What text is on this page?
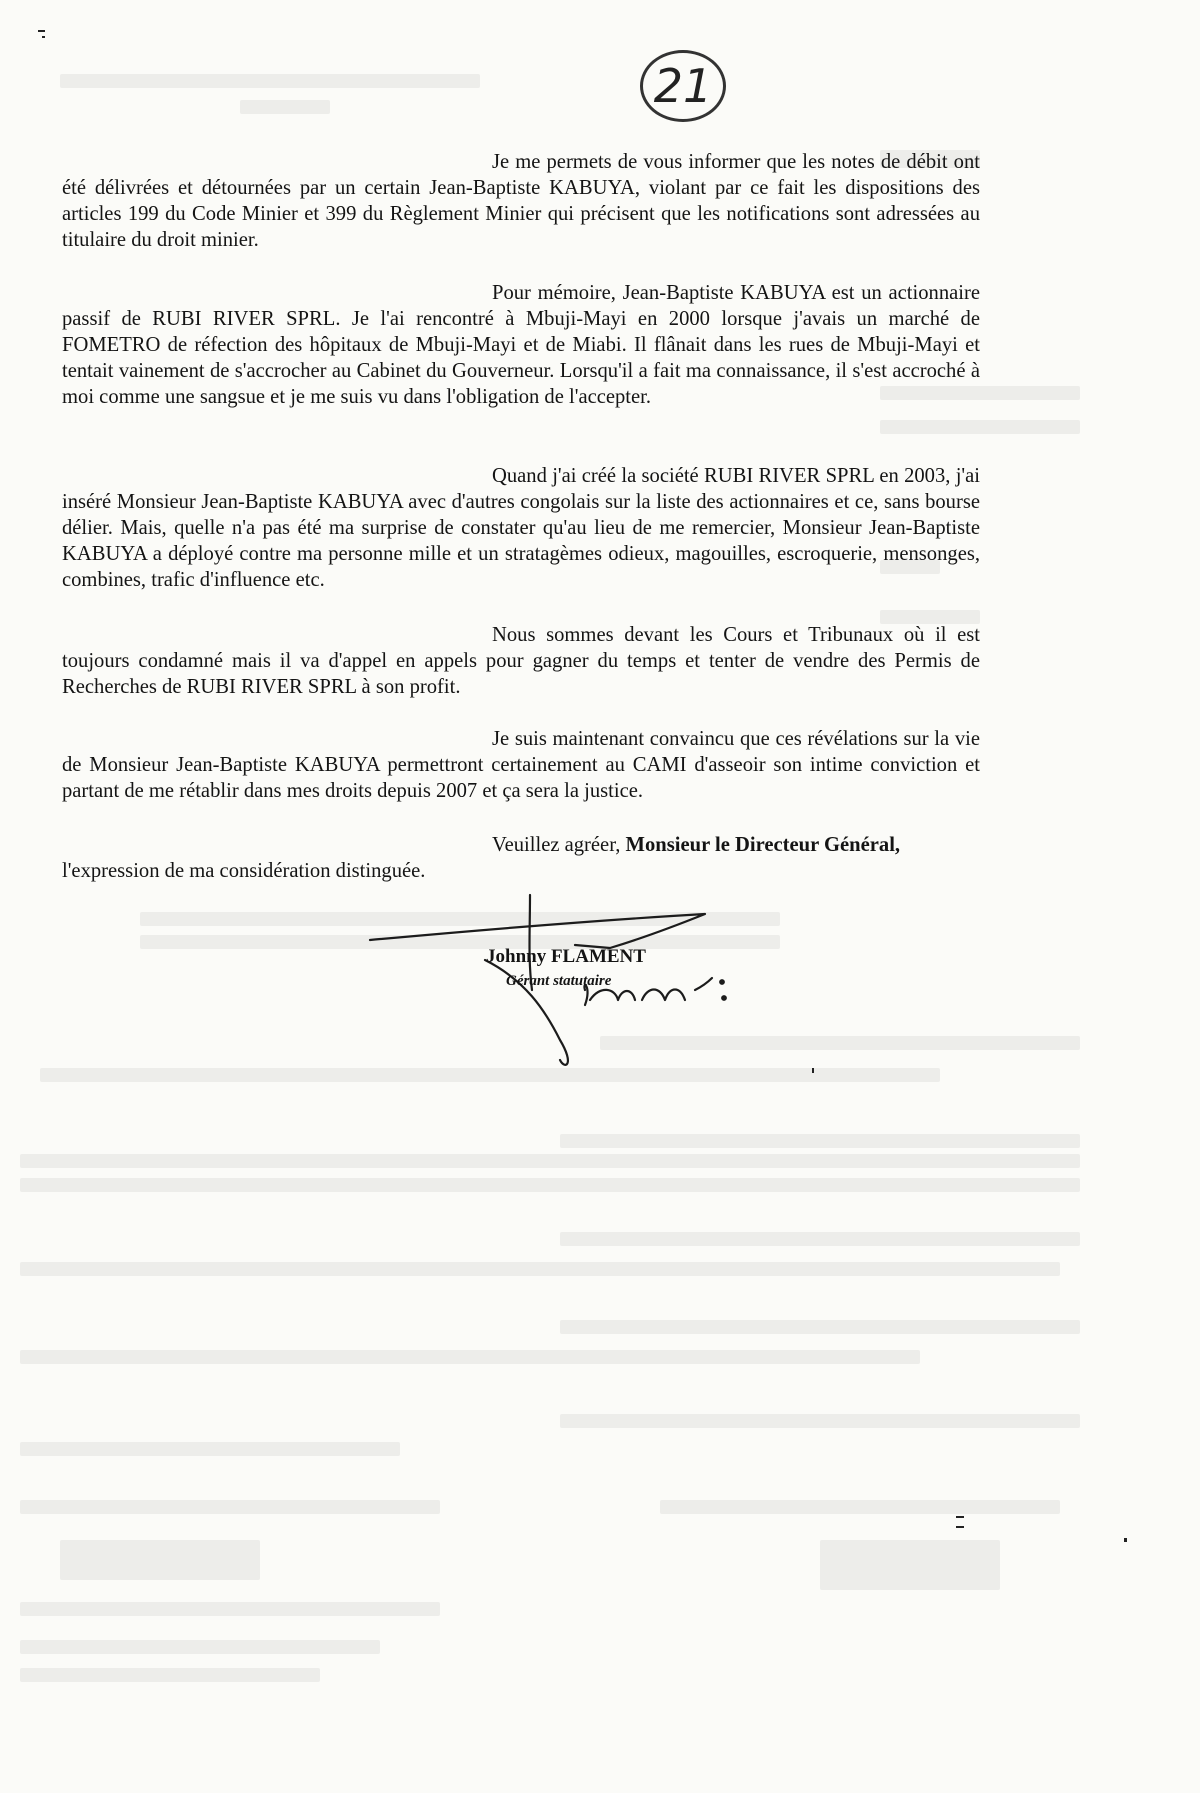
21
Je me permets de vous informer que les notes de débit ont été délivrées et détournées par un certain Jean-Baptiste KABUYA, violant par ce fait les dispositions des articles 199 du Code Minier et 399 du Règlement Minier qui précisent que les notifications sont adressées au titulaire du droit minier.
Pour mémoire, Jean-Baptiste KABUYA est un actionnaire passif de RUBI RIVER SPRL. Je l'ai rencontré à Mbuji-Mayi en 2000 lorsque j'avais un marché de FOMETRO de réfection des hôpitaux de Mbuji-Mayi et de Miabi. Il flânait dans les rues de Mbuji-Mayi et tentait vainement de s'accrocher au Cabinet du Gouverneur. Lorsqu'il a fait ma connaissance, il s'est accroché à moi comme une sangsue et je me suis vu dans l'obligation de l'accepter.
Quand j'ai créé la société RUBI RIVER SPRL en 2003, j'ai inséré Monsieur Jean-Baptiste KABUYA avec d'autres congolais sur la liste des actionnaires et ce, sans bourse délier. Mais, quelle n'a pas été ma surprise de constater qu'au lieu de me remercier, Monsieur Jean-Baptiste KABUYA a déployé contre ma personne mille et un stratagèmes odieux, magouilles, escroquerie, mensonges, combines, trafic d'influence etc.
Nous sommes devant les Cours et Tribunaux où il est toujours condamné mais il va d'appel en appels pour gagner du temps et tenter de vendre des Permis de Recherches de RUBI RIVER SPRL à son profit.
Je suis maintenant convaincu que ces révélations sur la vie de Monsieur Jean-Baptiste KABUYA permettront certainement au CAMI d'asseoir son intime conviction et partant de me rétablir dans mes droits depuis 2007 et ça sera la justice.
Veuillez agréer, Monsieur le Directeur Général,
l'expression de ma considération distinguée.
Johnny FLAMENT
Gérant statutaire
